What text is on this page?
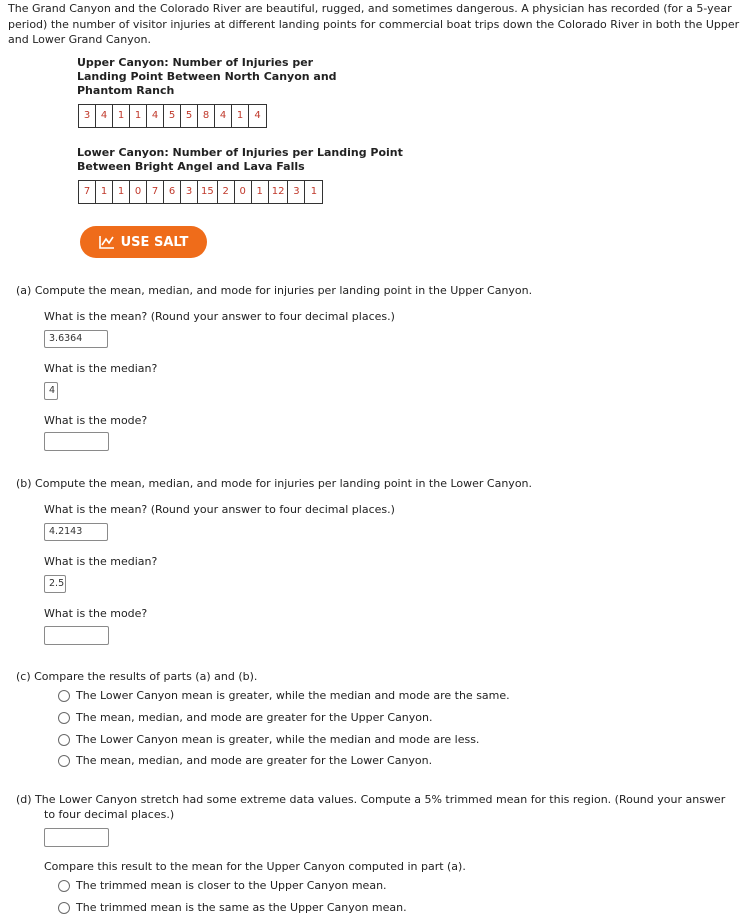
The Grand Canyon and the Colorado River are beautiful, rugged, and sometimes dangerous. A physician has recorded (for a 5-year period) the number of visitor injuries at different landing points for commercial boat trips down the Colorado River in both the Upper and Lower Grand Canyon.
Upper Canyon: Number of Injuries per
Landing Point Between North Canyon and
Phantom Ranch
3	4	1	1	4	5	5	8	4	1	4
Lower Canyon: Number of Injuries per Landing Point
Between Bright Angel and Lava Falls
7	1	1	0	7	6	3 15 2	0	1 12 3	1
USE SALT
(a) Compute the mean, median, and mode for injuries per landing point in the Upper Canyon.
What is the mean? (Round your answer to four decimal places.)
3.6364
What is the median?
4
What is the mode?
(b) Compute the mean, median, and mode for injuries per landing point in the Lower Canyon.
What is the mean? (Round your answer to four decimal places.)
4.2143
What is the median?
2.5
What is the mode?
(c) Compare the results of parts (a) and (b).
The Lower Canyon mean is greater, while the median and mode are the same.
The mean, median, and mode are greater for the Upper Canyon.
The Lower Canyon mean is greater, while the median and mode are less.
The mean, median, and mode are greater for the Lower Canyon.
(d) The Lower Canyon stretch had some extreme data values. Compute a 5% trimmed mean for this region. (Round your answer
to four decimal places.)
Compare this result to the mean for the Upper Canyon computed in part (a).
The trimmed mean is closer to the Upper Canyon mean.
The trimmed mean is the same as the Upper Canyon mean.
